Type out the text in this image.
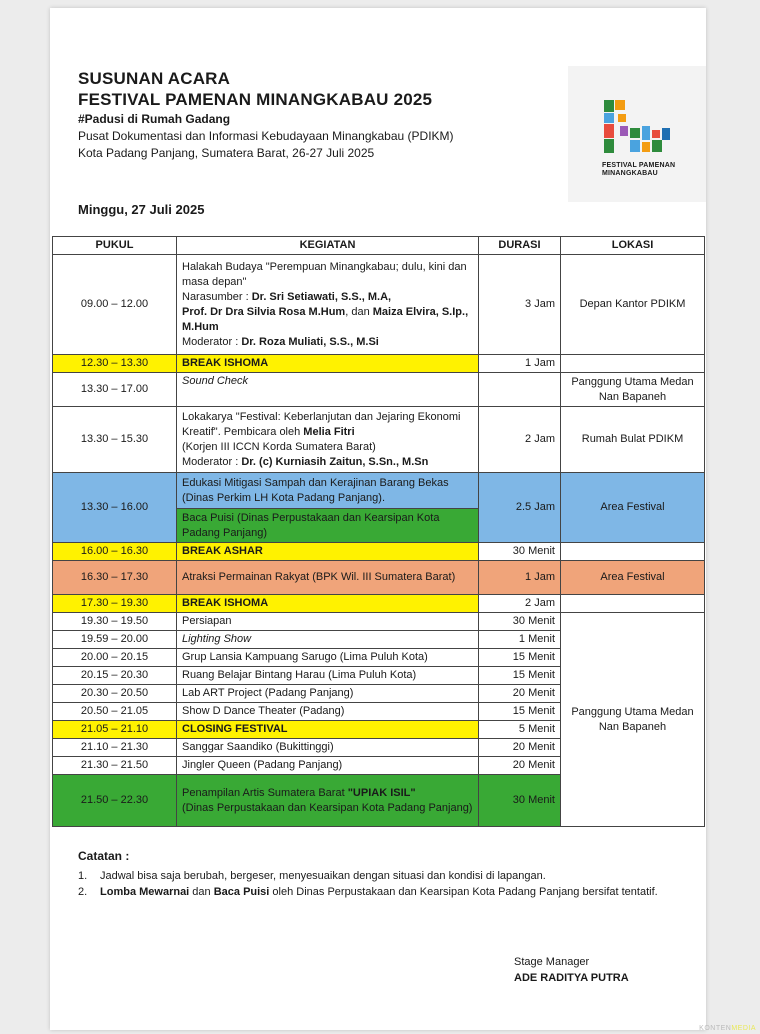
SUSUNAN ACARA
FESTIVAL PAMENAN MINANGKABAU 2025
#Padusi di Rumah Gadang
Pusat Dokumentasi dan Informasi Kebudayaan Minangkabau (PDIKM)
Kota Padang Panjang, Sumatera Barat, 26-27 Juli 2025
FESTIVAL PAMENAN
MINANGKABAU
Minggu, 27 Juli 2025
PUKUL	KEGIATAN	DURASI	LOKASI
09.00 – 12.00	Halakah Budaya "Perempuan Minangkabau; dulu, kini dan masa depan"
Narasumber : Dr. Sri Setiawati, S.S., M.A,
Prof. Dr Dra Silvia Rosa M.Hum, dan Maiza Elvira, S.Ip., M.Hum
Moderator : Dr. Roza Muliati, S.S., M.Si	3 Jam	Depan Kantor PDIKM
12.30 – 13.30	BREAK ISHOMA	1 Jam	
13.30 – 17.00	Sound Check		Panggung Utama Medan Nan Bapaneh
13.30 – 15.30	Lokakarya "Festival: Keberlanjutan dan Jejaring Ekonomi Kreatif". Pembicara oleh Melia Fitri
(Korjen III ICCN Korda Sumatera Barat)
Moderator : Dr. (c) Kurniasih Zaitun, S.Sn., M.Sn	2 Jam	Rumah Bulat PDIKM
13.30 – 16.00	Edukasi Mitigasi Sampah dan Kerajinan Barang Bekas (Dinas Perkim LH Kota Padang Panjang).	2.5 Jam	Area Festival
	Baca Puisi (Dinas Perpustakaan dan Kearsipan Kota Padang Panjang)		
16.00 – 16.30	BREAK ASHAR	30 Menit	
16.30 – 17.30	Atraksi Permainan Rakyat (BPK Wil. III Sumatera Barat)	1 Jam	Area Festival
17.30 – 19.30	BREAK ISHOMA	2 Jam	
19.30 – 19.50	Persiapan	30 Menit	Panggung Utama Medan Nan Bapaneh
19.59 – 20.00	Lighting Show	1 Menit	
20.00 – 20.15	Grup Lansia Kampuang Sarugo (Lima Puluh Kota)	15 Menit	
20.15 – 20.30	Ruang Belajar Bintang Harau (Lima Puluh Kota)	15 Menit	
20.30 – 20.50	Lab ART Project (Padang Panjang)	20 Menit	
20.50 – 21.05	Show D Dance Theater (Padang)	15 Menit	
21.05 – 21.10	CLOSING FESTIVAL	5 Menit	
21.10 – 21.30	Sanggar Saandiko (Bukittinggi)	20 Menit	
21.30 – 21.50	Jingler Queen (Padang Panjang)	20 Menit	
21.50 – 22.30	Penampilan Artis Sumatera Barat "UPIAK ISIL"
(Dinas Perpustakaan dan Kearsipan Kota Padang Panjang)	30 Menit	
Catatan :
1. Jadwal bisa saja berubah, bergeser, menyesuaikan dengan situasi dan kondisi di lapangan.
2. Lomba Mewarnai dan Baca Puisi oleh Dinas Perpustakaan dan Kearsipan Kota Padang Panjang bersifat tentatif.
Stage Manager
ADE RADITYA PUTRA
KONTENMEDIA
